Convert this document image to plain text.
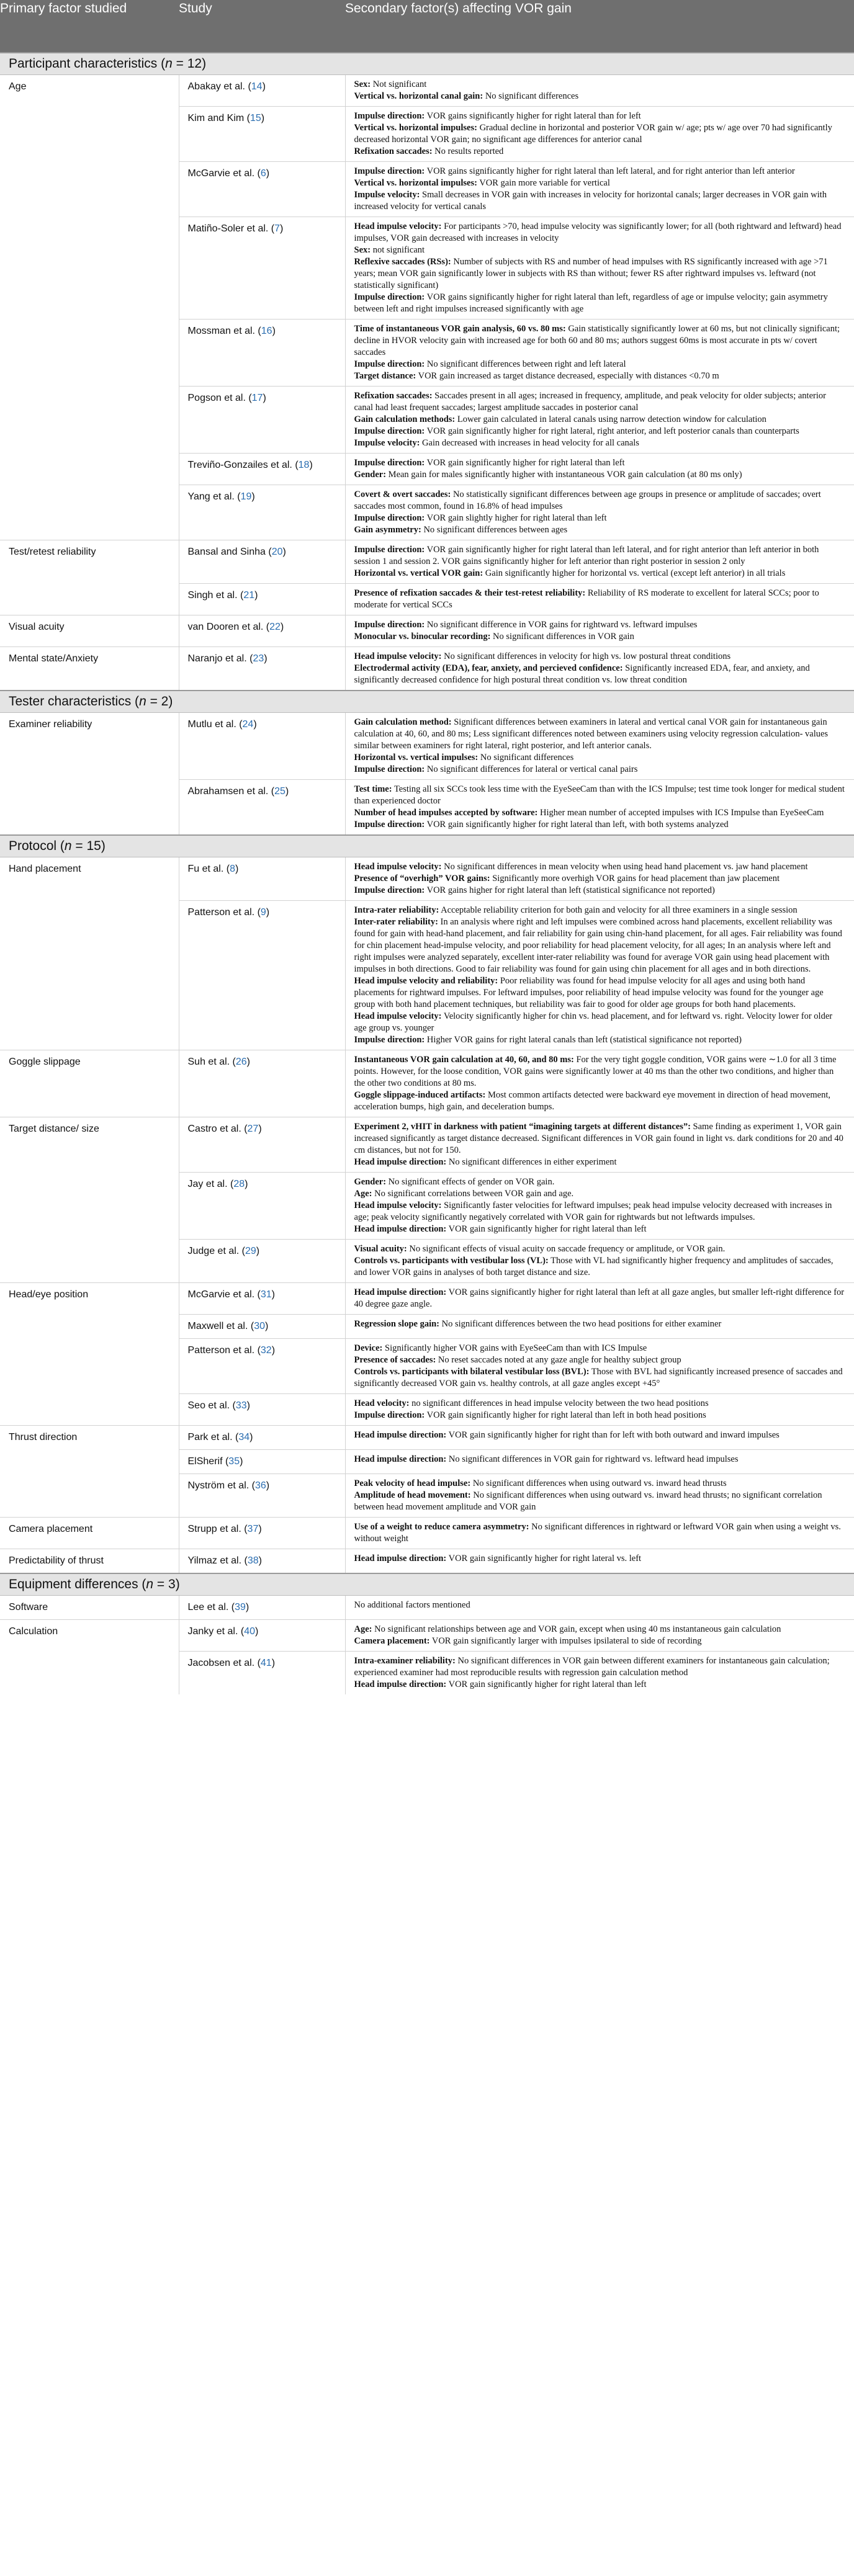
Primary factor studied	Study	Secondary factor(s) affecting VOR gain
Participant characteristics (n = 12)		
Age	Abakay et al. (14)	Sex: Not significant

Vertical vs. horizontal canal gain: No significant differences

	Kim and Kim (15)	Impulse direction: VOR gains significantly higher for right lateral than for left

Vertical vs. horizontal impulses: Gradual decline in horizontal and posterior VOR gain w/ age; pts w/ age over 70 had significantly decreased horizontal VOR gain; no significant age differences for anterior canal

Refixation saccades: No results reported

	McGarvie et al. (6)	Impulse direction: VOR gains significantly higher for right lateral than left lateral, and for right anterior than left anterior

Vertical vs. horizontal impulses: VOR gain more variable for vertical

Impulse velocity: Small decreases in VOR gain with increases in velocity for horizontal canals; larger decreases in VOR gain with increased velocity for vertical canals

	Matiño-Soler et al. (7)	Head impulse velocity: For participants >70, head impulse velocity was significantly lower; for all (both rightward and leftward) head impulses, VOR gain decreased with increases in velocity

Sex: not significant

Reflexive saccades (RSs): Number of subjects with RS and number of head impulses with RS significantly increased with age >71 years; mean VOR gain significantly lower in subjects with RS than without; fewer RS after rightward impulses vs. leftward (not statistically significant)

Impulse direction: VOR gains significantly higher for right lateral than left, regardless of age or impulse velocity; gain asymmetry between left and right impulses increased significantly with age

	Mossman et al. (16)	Time of instantaneous VOR gain analysis, 60 vs. 80 ms: Gain statistically significantly lower at 60 ms, but not clinically significant; decline in HVOR velocity gain with increased age for both 60 and 80 ms; authors suggest 60ms is most accurate in pts w/ covert saccades

Impulse direction: No significant differences between right and left lateral

Target distance: VOR gain increased as target distance decreased, especially with distances <0.70 m

	Pogson et al. (17)	Refixation saccades: Saccades present in all ages; increased in frequency, amplitude, and peak velocity for older subjects; anterior canal had least frequent saccades; largest amplitude saccades in posterior canal

Gain calculation methods: Lower gain calculated in lateral canals using narrow detection window for calculation

Impulse direction: VOR gain significantly higher for right lateral, right anterior, and left posterior canals than counterparts

Impulse velocity: Gain decreased with increases in head velocity for all canals

	Treviño-Gonzailes et al. (18)	Impulse direction: VOR gain significantly higher for right lateral than left

Gender: Mean gain for males significantly higher with instantaneous VOR gain calculation (at 80 ms only)

	Yang et al. (19)	Covert & overt saccades: No statistically significant differences between age groups in presence or amplitude of saccades; overt saccades most common, found in 16.8% of head impulses

Impulse direction: VOR gain slightly higher for right lateral than left

Gain asymmetry: No significant differences between ages

Test/retest reliability	Bansal and Sinha (20)	Impulse direction: VOR gain significantly higher for right lateral than left lateral, and for right anterior than left anterior in both session 1 and session 2. VOR gains significantly higher for left anterior than right posterior in session 2 only

Horizontal vs. vertical VOR gain: Gain significantly higher for horizontal vs. vertical (except left anterior) in all trials

	Singh et al. (21)	Presence of refixation saccades & their test-retest reliability: Reliability of RS moderate to excellent for lateral SCCs; poor to moderate for vertical SCCs

Visual acuity	van Dooren et al. (22)	Impulse direction: No significant difference in VOR gains for rightward vs. leftward impulses

Monocular vs. binocular recording: No significant differences in VOR gain

Mental state/Anxiety	Naranjo et al. (23)	Head impulse velocity: No significant differences in velocity for high vs. low postural threat conditions

Electrodermal activity (EDA), fear, anxiety, and percieved confidence: Significantly increased EDA, fear, and anxiety, and significantly decreased confidence for high postural threat condition vs. low threat condition

Tester characteristics (n = 2)		
Examiner reliability	Mutlu et al. (24)	Gain calculation method: Significant differences between examiners in lateral and vertical canal VOR gain for instantaneous gain calculation at 40, 60, and 80 ms; Less significant differences noted between examiners using velocity regression calculation- values similar between examiners for right lateral, right posterior, and left anterior canals.

Horizontal vs. vertical impulses: No significant differences

Impulse direction: No significant differences for lateral or vertical canal pairs

	Abrahamsen et al. (25)	Test time: Testing all six SCCs took less time with the EyeSeeCam than with the ICS Impulse; test time took longer for medical student than experienced doctor

Number of head impulses accepted by software: Higher mean number of accepted impulses with ICS Impulse than EyeSeeCam

Impulse direction: VOR gain significantly higher for right lateral than left, with both systems analyzed

Protocol (n = 15)		
Hand placement	Fu et al. (8)	Head impulse velocity: No significant differences in mean velocity when using head hand placement vs. jaw hand placement

Presence of “overhigh” VOR gains: Significantly more overhigh VOR gains for head placement than jaw placement

Impulse direction: VOR gains higher for right lateral than left (statistical significance not reported)

	Patterson et al. (9)	Intra-rater reliability: Acceptable reliability criterion for both gain and velocity for all three examiners in a single session

Inter-rater reliability: In an analysis where right and left impulses were combined across hand placements, excellent reliability was found for gain with head-hand placement, and fair reliability for gain using chin-hand placement, for all ages. Fair reliability was found for chin placement head-impulse velocity, and poor reliability for head placement velocity, for all ages; In an analysis where left and right impulses were analyzed separately, excellent inter-rater reliability was found for average VOR gain using head placement with impulses in both directions. Good to fair reliability was found for gain using chin placement for all ages and in both directions.

Head impulse velocity and reliability: Poor reliability was found for head impulse velocity for all ages and using both hand placements for rightward impulses. For leftward impulses, poor reliability of head impulse velocity was found for the younger age group with both hand placement techniques, but reliability was fair to good for older age groups for both hand placements.

Head impulse velocity: Velocity significantly higher for chin vs. head placement, and for leftward vs. right. Velocity lower for older age group vs. younger

Impulse direction: Higher VOR gains for right lateral canals than left (statistical significance not reported)

Goggle slippage	Suh et al. (26)	Instantaneous VOR gain calculation at 40, 60, and 80 ms: For the very tight goggle condition, VOR gains were ∼1.0 for all 3 time points. However, for the loose condition, VOR gains were significantly lower at 40 ms than the other two conditions, and higher than the other two conditions at 80 ms.

Goggle slippage-induced artifacts: Most common artifacts detected were backward eye movement in direction of head movement, acceleration bumps, high gain, and deceleration bumps.

Target distance/ size	Castro et al. (27)	Experiment 2, vHIT in darkness with patient “imagining targets at different distances”: Same finding as experiment 1, VOR gain increased significantly as target distance decreased. Significant differences in VOR gain found in light vs. dark conditions for 20 and 40 cm distances, but not for 150.

Head impulse direction: No significant differences in either experiment

	Jay et al. (28)	Gender: No significant effects of gender on VOR gain.

Age: No significant correlations between VOR gain and age.

Head impulse velocity: Significantly faster velocities for leftward impulses; peak head impulse velocity decreased with increases in age; peak velocity significantly negatively correlated with VOR gain for rightwards but not leftwards impulses.

Head impulse direction: VOR gain significantly higher for right lateral than left

	Judge et al. (29)	Visual acuity: No significant effects of visual acuity on saccade frequency or amplitude, or VOR gain.

Controls vs. participants with vestibular loss (VL): Those with VL had significantly higher frequency and amplitudes of saccades, and lower VOR gains in analyses of both target distance and size.

Head/eye position	McGarvie et al. (31)	Head impulse direction: VOR gains significantly higher for right lateral than left at all gaze angles, but smaller left-right difference for 40 degree gaze angle.

	Maxwell et al. (30)	Regression slope gain: No significant differences between the two head positions for either examiner

	Patterson et al. (32)	Device: Significantly higher VOR gains with EyeSeeCam than with ICS Impulse

Presence of saccades: No reset saccades noted at any gaze angle for healthy subject group

Controls vs. participants with bilateral vestibular loss (BVL): Those with BVL had significantly increased presence of saccades and significantly decreased VOR gain vs. healthy controls, at all gaze angles except +45°

	Seo et al. (33)	Head velocity: no significant differences in head impulse velocity between the two head positions

Impulse direction: VOR gain significantly higher for right lateral than left in both head positions

Thrust direction	Park et al. (34)	Head impulse direction: VOR gain significantly higher for right than for left with both outward and inward impulses

	ElSherif (35)	Head impulse direction: No significant differences in VOR gain for rightward vs. leftward head impulses

	Nyström et al. (36)	Peak velocity of head impulse: No significant differences when using outward vs. inward head thrusts

Amplitude of head movement: No significant differences when using outward vs. inward head thrusts; no significant correlation between head movement amplitude and VOR gain

Camera placement	Strupp et al. (37)	Use of a weight to reduce camera asymmetry: No significant differences in rightward or leftward VOR gain when using a weight vs. without weight

Predictability of thrust	Yilmaz et al. (38)	Head impulse direction: VOR gain significantly higher for right lateral vs. left

Equipment differences (n = 3)		
Software	Lee et al. (39)	No additional factors mentioned

Calculation	Janky et al. (40)	Age: No significant relationships between age and VOR gain, except when using 40 ms instantaneous gain calculation

Camera placement: VOR gain significantly larger with impulses ipsilateral to side of recording

	Jacobsen et al. (41)	Intra-examiner reliability: No significant differences in VOR gain between different examiners for instantaneous gain calculation; experienced examiner had most reproducible results with regression gain calculation method

Head impulse direction: VOR gain significantly higher for right lateral than left
